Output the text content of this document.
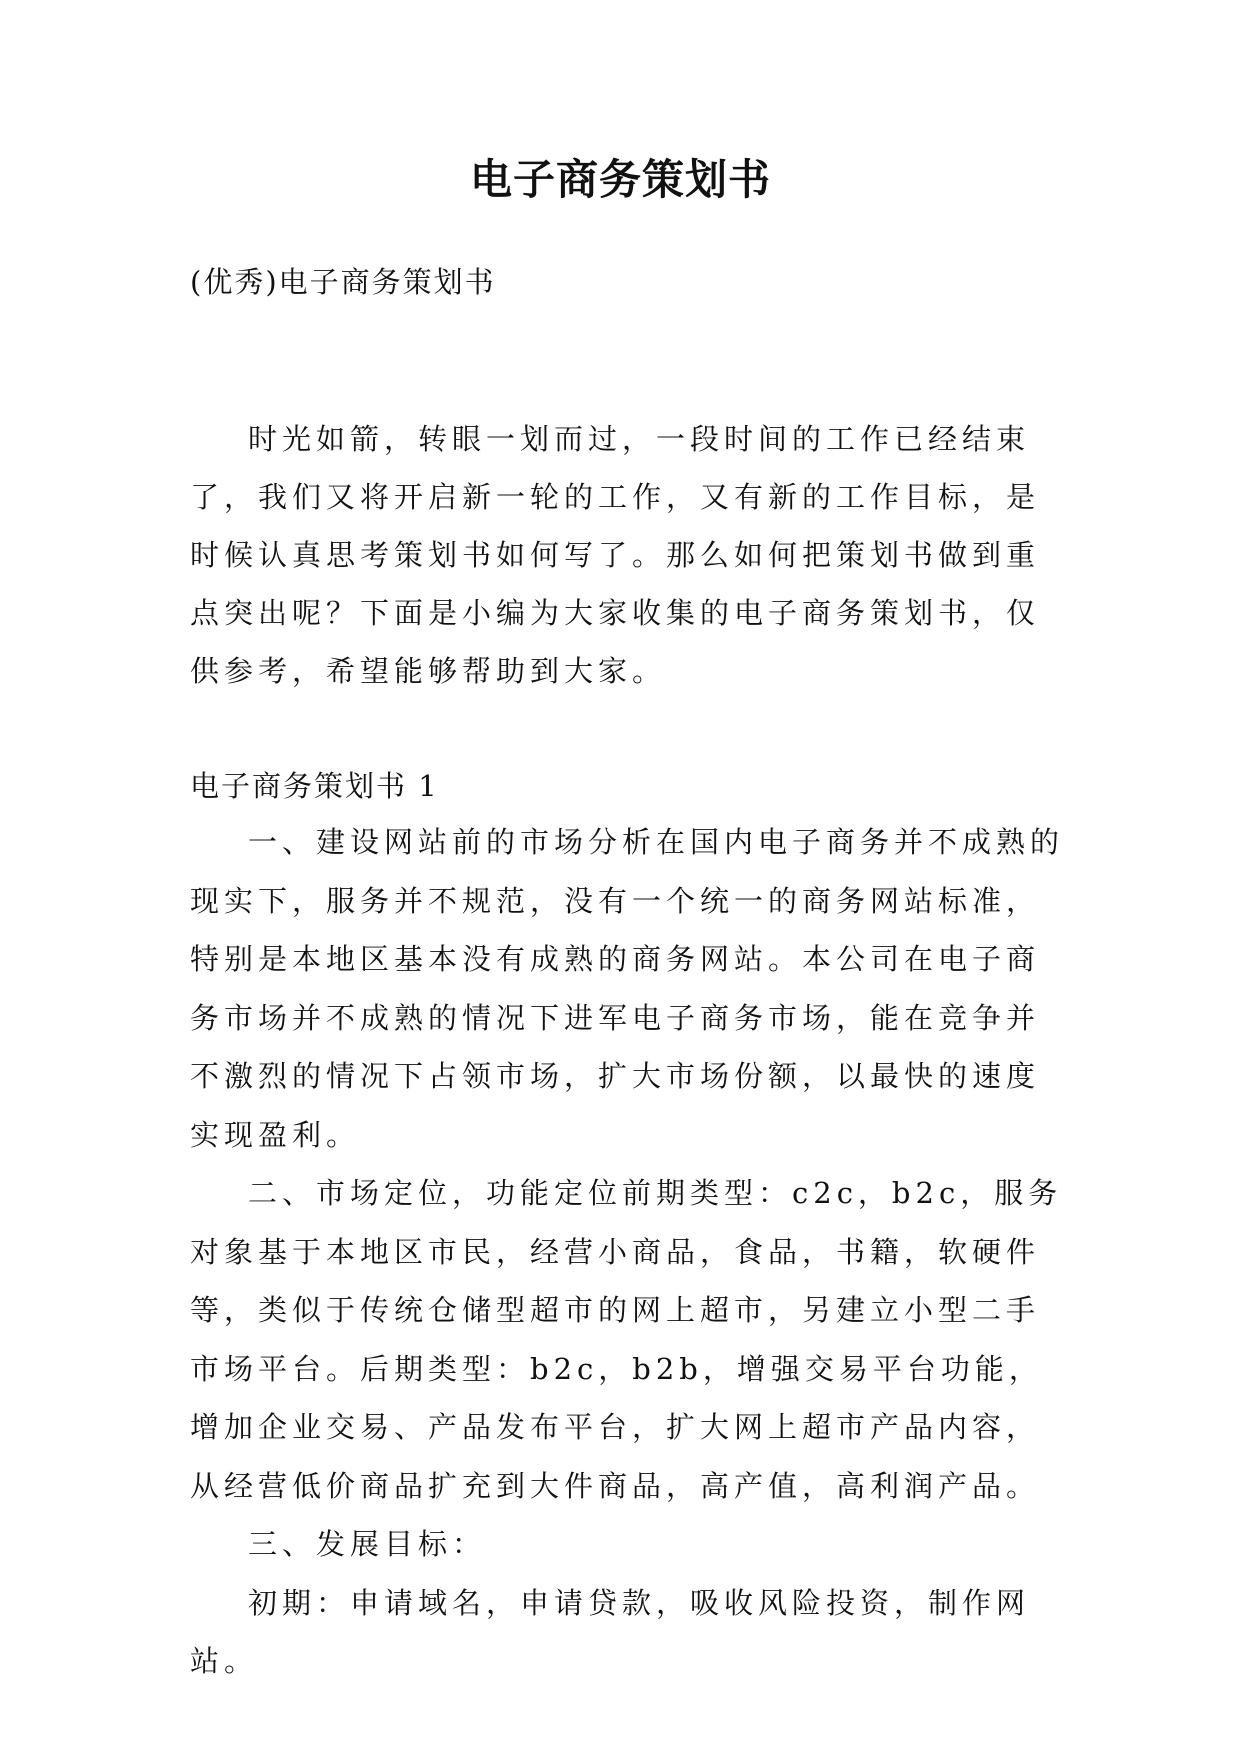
电子商务策划书

(优秀)电子商务策划书

时光如箭，转眼一划而过，一段时间的工作已经结束了，我们又将开启新一轮的工作，又有新的工作目标，是时候认真思考策划书如何写了。那么如何把策划书做到重点突出呢？下面是小编为大家收集的电子商务策划书，仅供参考，希望能够帮助到大家。

电子商务策划书 1

一、建设网站前的市场分析在国内电子商务并不成熟的现实下，服务并不规范，没有一个统一的商务网站标准，特别是本地区基本没有成熟的商务网站。本公司在电子商务市场并不成熟的情况下进军电子商务市场，能在竞争并不激烈的情况下占领市场，扩大市场份额，以最快的速度实现盈利。

二、市场定位，功能定位前期类型：c2c，b2c，服务对象基于本地区市民，经营小商品，食品，书籍，软硬件等，类似于传统仓储型超市的网上超市，另建立小型二手市场平台。后期类型：b2c，b2b，增强交易平台功能，增加企业交易、产品发布平台，扩大网上超市产品内容，从经营低价商品扩充到大件商品，高产值，高利润产品。

三、发展目标：

初期：申请域名，申请贷款，吸收风险投资，制作网站。
